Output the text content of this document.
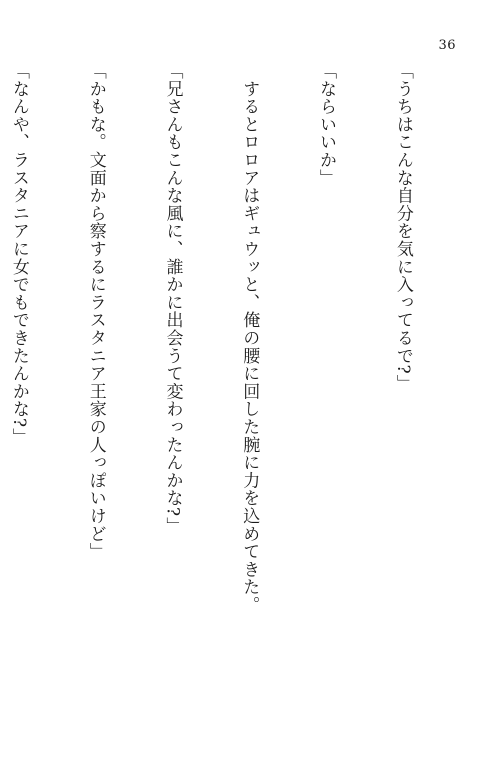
36

「うちはこんな自分を気に入ってるで?」

「ならいいか」

　するとロロアはギュウッと、俺の腰に回した腕に力を込めてきた。

「兄さんもこんな風に、誰かに出会うて変わったんかな?」

「かもな。文面から察するにラスタニア王家の人っぽいけど」

「なんや、ラスタニアに女でもできたんかな?」
